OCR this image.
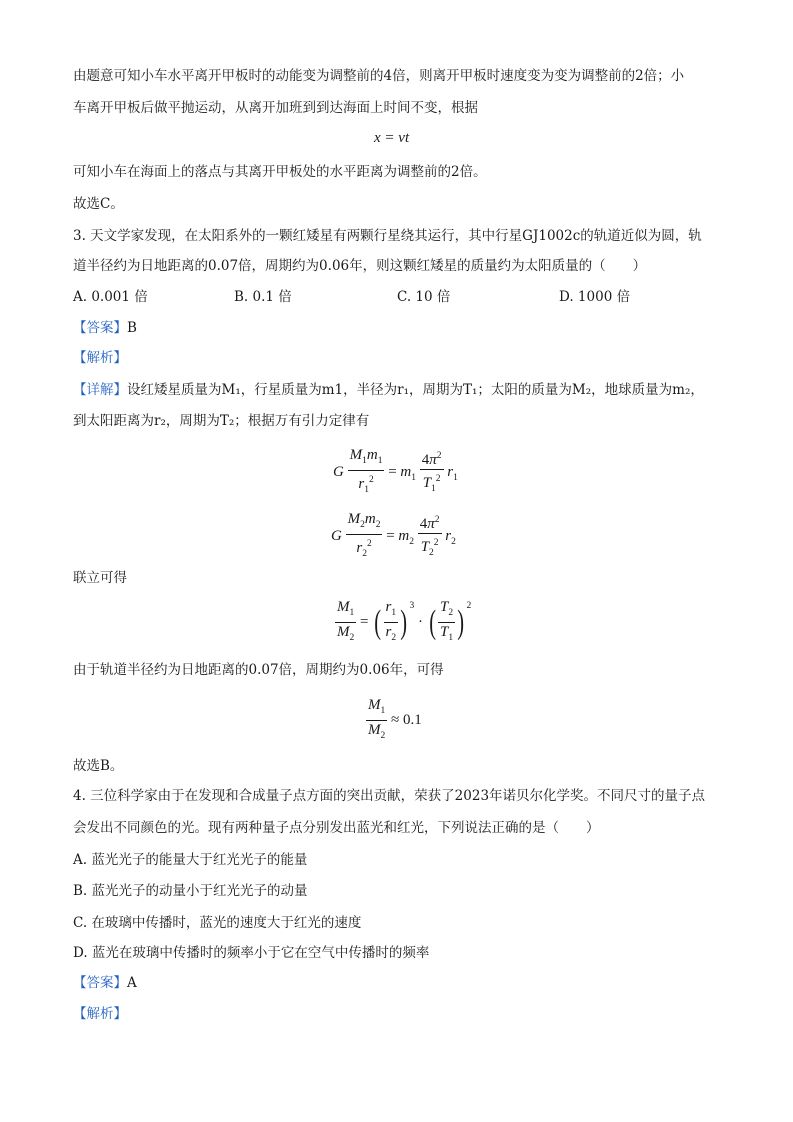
由题意可知小车水平离开甲板时的动能变为调整前的4倍，则离开甲板时速度变为变为调整前的2倍；小
车离开甲板后做平抛运动，从离开加班到到达海面上时间不变，根据
x = vt
可知小车在海面上的落点与其离开甲板处的水平距离为调整前的2倍。
故选C。
3. 天文学家发现，在太阳系外的一颗红矮星有两颗行星绕其运行，其中行星GJ1002c的轨道近似为圆，轨
道半径约为日地距离的0.07倍，周期约为0.06年，则这颗红矮星的质量约为太阳质量的（　　）
A. 0.001 倍	B. 0.1 倍	C. 10 倍	D. 1000 倍
【答案】B
【解析】
【详解】设红矮星质量为M₁，行星质量为m1，半径为r₁，周期为T₁；太阳的质量为M₂，地球质量为m₂，
到太阳距离为r₂，周期为T₂；根据万有引力定律有
G $\frac{M_1m_1}{r_1^2} = m_1 \frac{4\pi^2}{T_1^2} r_1$
G $\frac{M_2m_2}{r_2^2} = m_2 \frac{4\pi^2}{T_2^2} r_2$
联立可得
$\frac{M_1}{M_2}$ = ( $\frac{r_1}{r_2}$ ) $^3$ · ( $\frac{T_2}{T_1}$ ) $^2$
由于轨道半径约为日地距离的0.07倍，周期约为0.06年，可得
$\frac{M_1}{M_2} \approx 0.1$
故选B。
4. 三位科学家由于在发现和合成量子点方面的突出贡献，荣获了2023年诺贝尔化学奖。不同尺寸的量子点
会发出不同颜色的光。现有两种量子点分别发出蓝光和红光，下列说法正确的是（　　）
A. 蓝光光子的能量大于红光光子的能量
B. 蓝光光子的动量小于红光光子的动量
C. 在玻璃中传播时，蓝光的速度大于红光的速度
D. 蓝光在玻璃中传播时的频率小于它在空气中传播时的频率
【答案】A
【解析】
